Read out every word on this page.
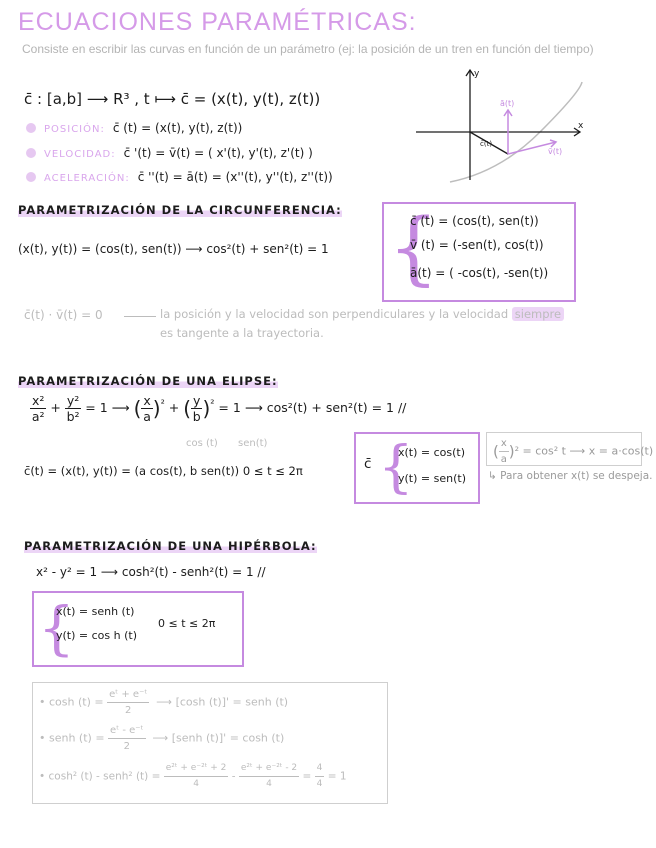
ECUACIONES PARAMÉTRICAS:
Consiste en escribir las curvas en función de un parámetro (ej: la posición de un tren en función del tiempo)
c̄ : [a,b] ⟶ R³ , t ⟼ c̄ = (x(t), y(t), z(t))
POSICIÓN: c̄ (t) = (x(t), y(t), z(t))
VELOCIDAD: c̄ '(t) = v̄(t) = ( x'(t), y'(t), z'(t) )
ACELERACIÓN: c̄ ''(t) = ā(t) = (x''(t), y''(t), z''(t))
y
x
ā(t)
v̄(t)
c̄(t)
PARAMETRIZACIÓN DE LA CIRCUNFERENCIA:
(x(t), y(t)) = (cos(t), sen(t)) ⟶ cos²(t) + sen²(t) = 1 {
c̄ (t) = (cos(t), sen(t))
v̄ (t) = (-sen(t), cos(t))
ā(t) = ( -cos(t), -sen(t))
c̄(t) · v̄(t) = 0	la posición y la velocidad son perpendiculares y la velocidad siempre
es tangente a la trayectoria.
PARAMETRIZACIÓN DE UNA ELIPSE:
$\frac{\text{x²}}{\text{a²}} + \frac{\text{y²}}{\text{b²}} = 1$ ⟶ ( $\frac{x}{a} )^{^2}$ + ( $\frac{y}{b} )^{^2} = 1$ ⟶ cos²(t) + sen²(t) = 1 //
cos (t) sen(t)
c̄(t) = (x(t), y(t)) = (a cos(t), b sen(t)) 0 ≤ t ≤ 2π	c̄ {
x(t) = cos(t)
y(t) = sen(t)
( $\frac{x}{a} )^2 = \cos^2$ t ⟶ x = a·cos(t)
↳ Para obtener x(t) se despeja.
PARAMETRIZACIÓN DE UNA HIPÉRBOLA:
x² - y² = 1 ⟶ cosh²(t) - senh²(t) = 1 //
{
x(t) = senh (t)
y(t) = cos h (t)
0 ≤ t ≤ 2π
• $\cosh (t) = \frac{\text{eᵗ + e⁻ᵗ}}{2}$ ⟶ [cosh (t)]' = senh (t)
• senh $(t) = \frac{\text{eᵗ - e⁻ᵗ}}{2}$ ⟶ [senh (t)]' = cosh (t)
• cosh² (t) - senh² $(t) = \frac{\text{e²ᵗ + e⁻²ᵗ + 2}}{4} - \frac{\text{e²ᵗ + e⁻²ᵗ - 2}}{4} = \frac{4}{4} = 1$
